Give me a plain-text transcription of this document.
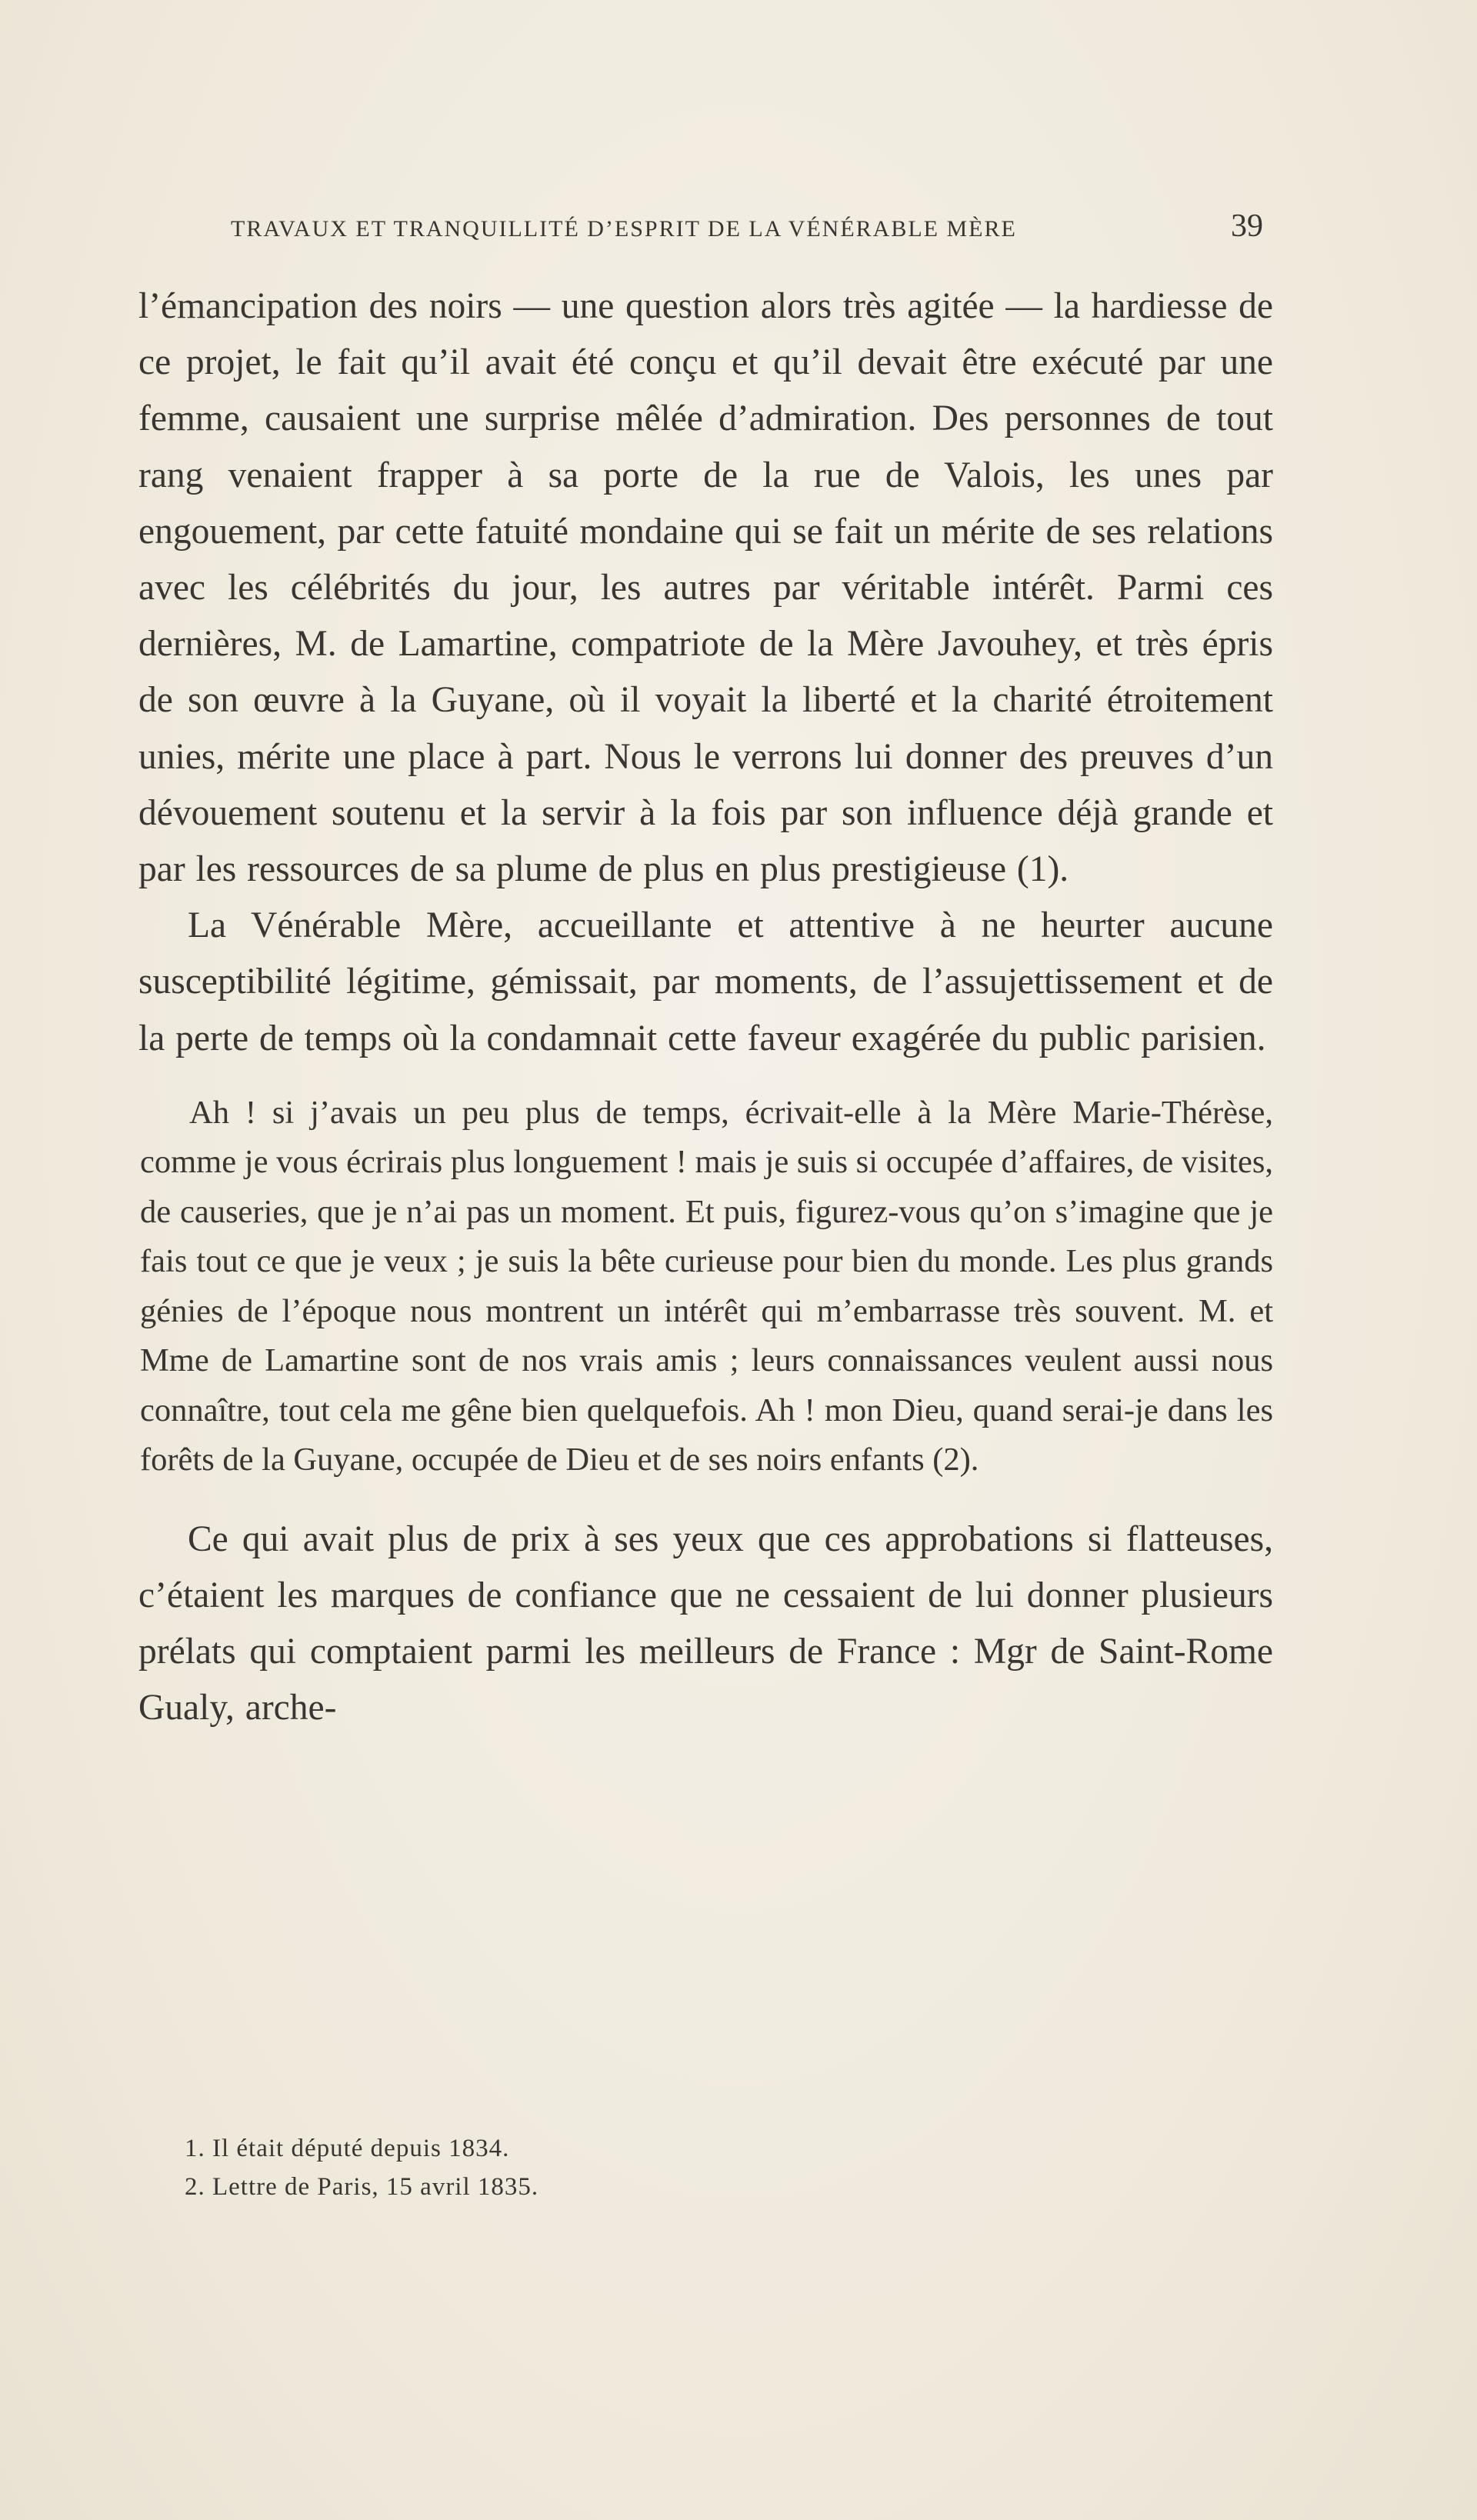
TRAVAUX ET TRANQUILLITÉ D’ESPRIT DE LA VÉNÉRABLE MÈRE	39

l’émancipation des noirs — une question alors très agitée — la hardiesse de ce projet, le fait qu’il avait été conçu et qu’il devait être exécuté par une femme, causaient une surprise mêlée d’admiration. Des personnes de tout rang venaient frapper à sa porte de la rue de Valois, les unes par engouement, par cette fatuité mondaine qui se fait un mérite de ses relations avec les célébrités du jour, les autres par véritable intérêt. Parmi ces dernières, M. de Lamartine, compatriote de la Mère Javouhey, et très épris de son œuvre à la Guyane, où il voyait la liberté et la charité étroitement unies, mérite une place à part. Nous le verrons lui donner des preuves d’un dévouement soutenu et la servir à la fois par son influence déjà grande et par les ressources de sa plume de plus en plus prestigieuse (1).

La Vénérable Mère, accueillante et attentive à ne heurter aucune susceptibilité légitime, gémissait, par moments, de l’assujettissement et de la perte de temps où la condamnait cette faveur exagérée du public parisien.

Ah ! si j’avais un peu plus de temps, écrivait-elle à la Mère Marie-Thérèse, comme je vous écrirais plus longuement ! mais je suis si occupée d’affaires, de visites, de causeries, que je n’ai pas un moment. Et puis, figurez-vous qu’on s’imagine que je fais tout ce que je veux ; je suis la bête curieuse pour bien du monde. Les plus grands génies de l’époque nous montrent un intérêt qui m’embarrasse très souvent. M. et Mme de Lamartine sont de nos vrais amis ; leurs connaissances veulent aussi nous connaître, tout cela me gêne bien quelquefois. Ah ! mon Dieu, quand serai-je dans les forêts de la Guyane, occupée de Dieu et de ses noirs enfants (2).

Ce qui avait plus de prix à ses yeux que ces approbations si flatteuses, c’étaient les marques de confiance que ne cessaient de lui donner plusieurs prélats qui comptaient parmi les meilleurs de France : Mgr de Saint-Rome Gualy, arche-

1. Il était député depuis 1834.
2. Lettre de Paris, 15 avril 1835.
